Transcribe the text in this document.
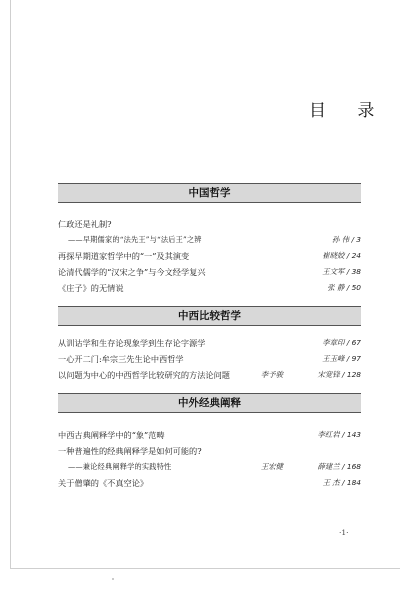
目 录
中国哲学
仁政还是礼制?
——早期儒家的“法先王”与“法后王”之辨	孙 伟 / 3
再探早期道家哲学中的“一”及其演变	崔晓姣 / 24
论清代儒学的“汉宋之争”与今文经学复兴	王文军 / 38
《庄子》的无情说	张 静 / 50
中西比较哲学
从训诂学和生存论现象学到生存论字源学	李章印 / 67
一心开二门:牟宗三先生论中西哲学	王玉峰 / 97
以问题为中心的中西哲学比较研究的方法论问题	李予骏	宋宽锋 / 128
中外经典阐释
中西古典阐释学中的“象”范畴	李红岩 / 143
一种普遍性的经典阐释学是如何可能的?
——兼论经典阐释学的实践特性	王宏健	薛建兰 / 168
关于僧肇的《不真空论》	王 杰 / 184
·1·
